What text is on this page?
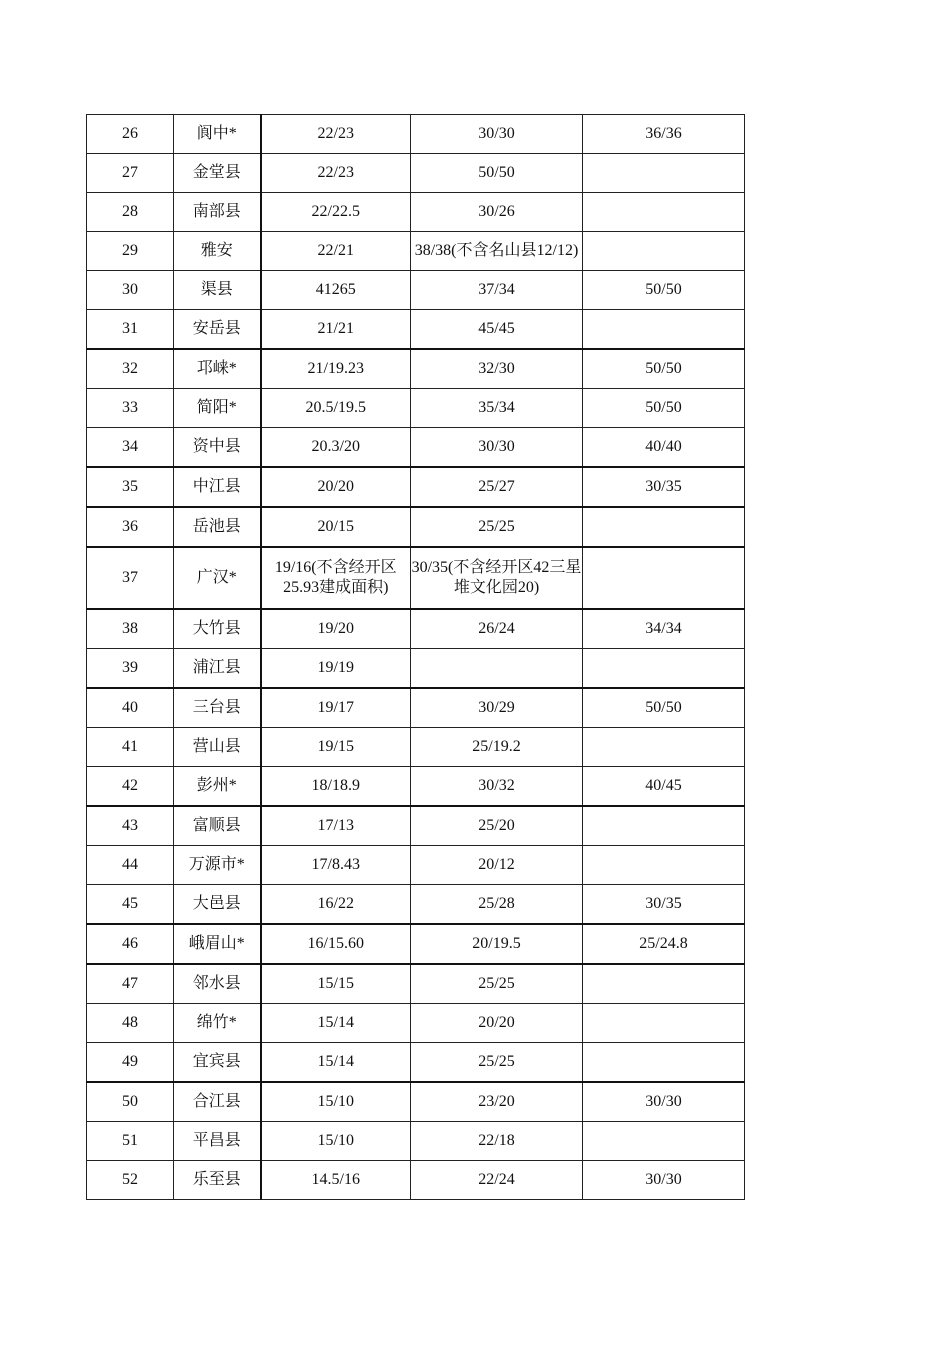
26	阆中*	22/23	30/30	36/36
27	金堂县	22/23	50/50	
28	南部县	22/22.5	30/26	
29	雅安	22/21	38/38(不含名山县12/12)	
30	渠县	41265	37/34	50/50
31	安岳县	21/21	45/45	
32	邛崃*	21/19.23	32/30	50/50
33	简阳*	20.5/19.5	35/34	50/50
34	资中县	20.3/20	30/30	40/40
35	中江县	20/20	25/27	30/35
36	岳池县	20/15	25/25	
37	广汉*	19/16(不含经开区25.93建成面积)	30/35(不含经开区42三星堆文化园20)	
38	大竹县	19/20	26/24	34/34
39	浦江县	19/19		
40	三台县	19/17	30/29	50/50
41	营山县	19/15	25/19.2	
42	彭州*	18/18.9	30/32	40/45
43	富顺县	17/13	25/20	
44	万源市*	17/8.43	20/12	
45	大邑县	16/22	25/28	30/35
46	峨眉山*	16/15.60	20/19.5	25/24.8
47	邻水县	15/15	25/25	
48	绵竹*	15/14	20/20	
49	宜宾县	15/14	25/25	
50	合江县	15/10	23/20	30/30
51	平昌县	15/10	22/18	
52	乐至县	14.5/16	22/24	30/30
